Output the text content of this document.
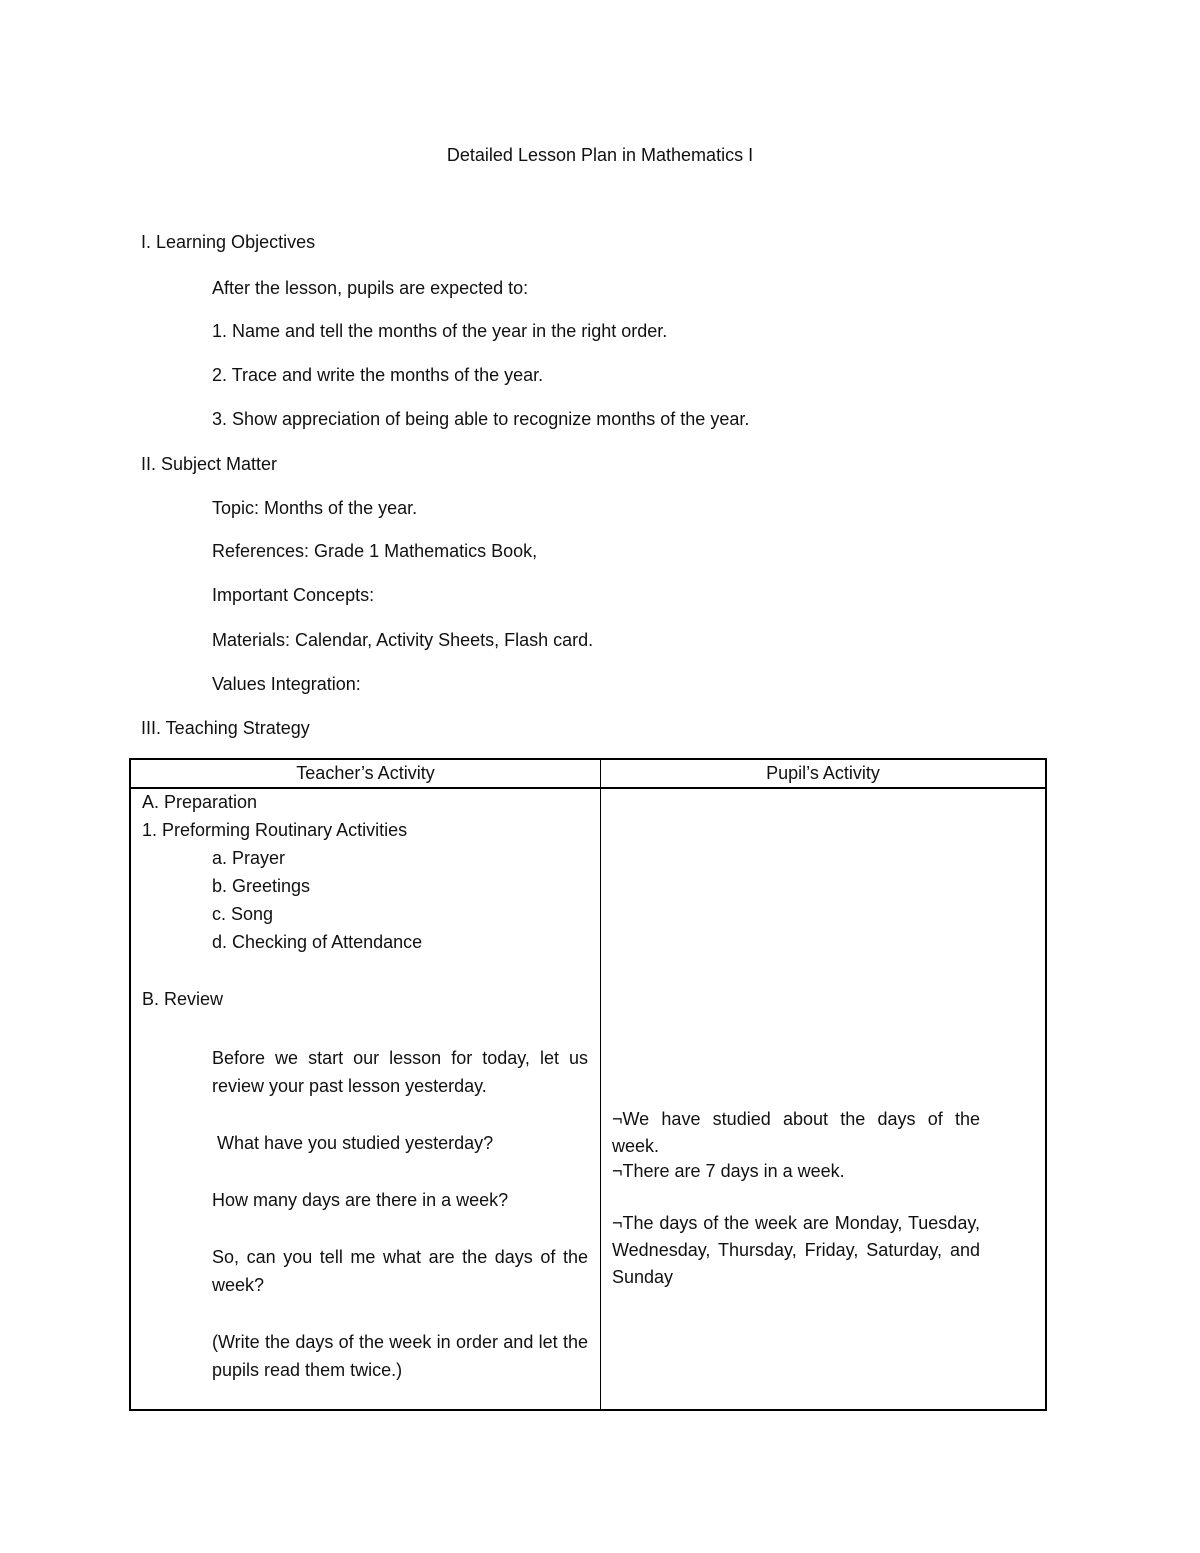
Detailed Lesson Plan in Mathematics I
I. Learning Objectives
After the lesson, pupils are expected to:
1. Name and tell the months of the year in the right order.
2. Trace and write the months of the year.
3. Show appreciation of being able to recognize months of the year.
II. Subject Matter
Topic: Months of the year.
References: Grade 1 Mathematics Book,
Important Concepts:
Materials: Calendar, Activity Sheets, Flash card.
Values Integration:
III. Teaching Strategy
Teacher’s Activity	Pupil’s Activity
A. Preparation
1. Preforming Routinary Activities
a. Prayer
b. Greetings
c. Song
d. Checking of Attendance
B. Review
Before we start our lesson for today, let us review your past lesson yesterday.
What have you studied yesterday?
How many days are there in a week?
So, can you tell me what are the days of the week?
(Write the days of the week in order and let the pupils read them twice.)
¬We have studied about the days of the week.
¬There are 7 days in a week.
¬The days of the week are Monday, Tuesday, Wednesday, Thursday, Friday, Saturday, and Sunday
